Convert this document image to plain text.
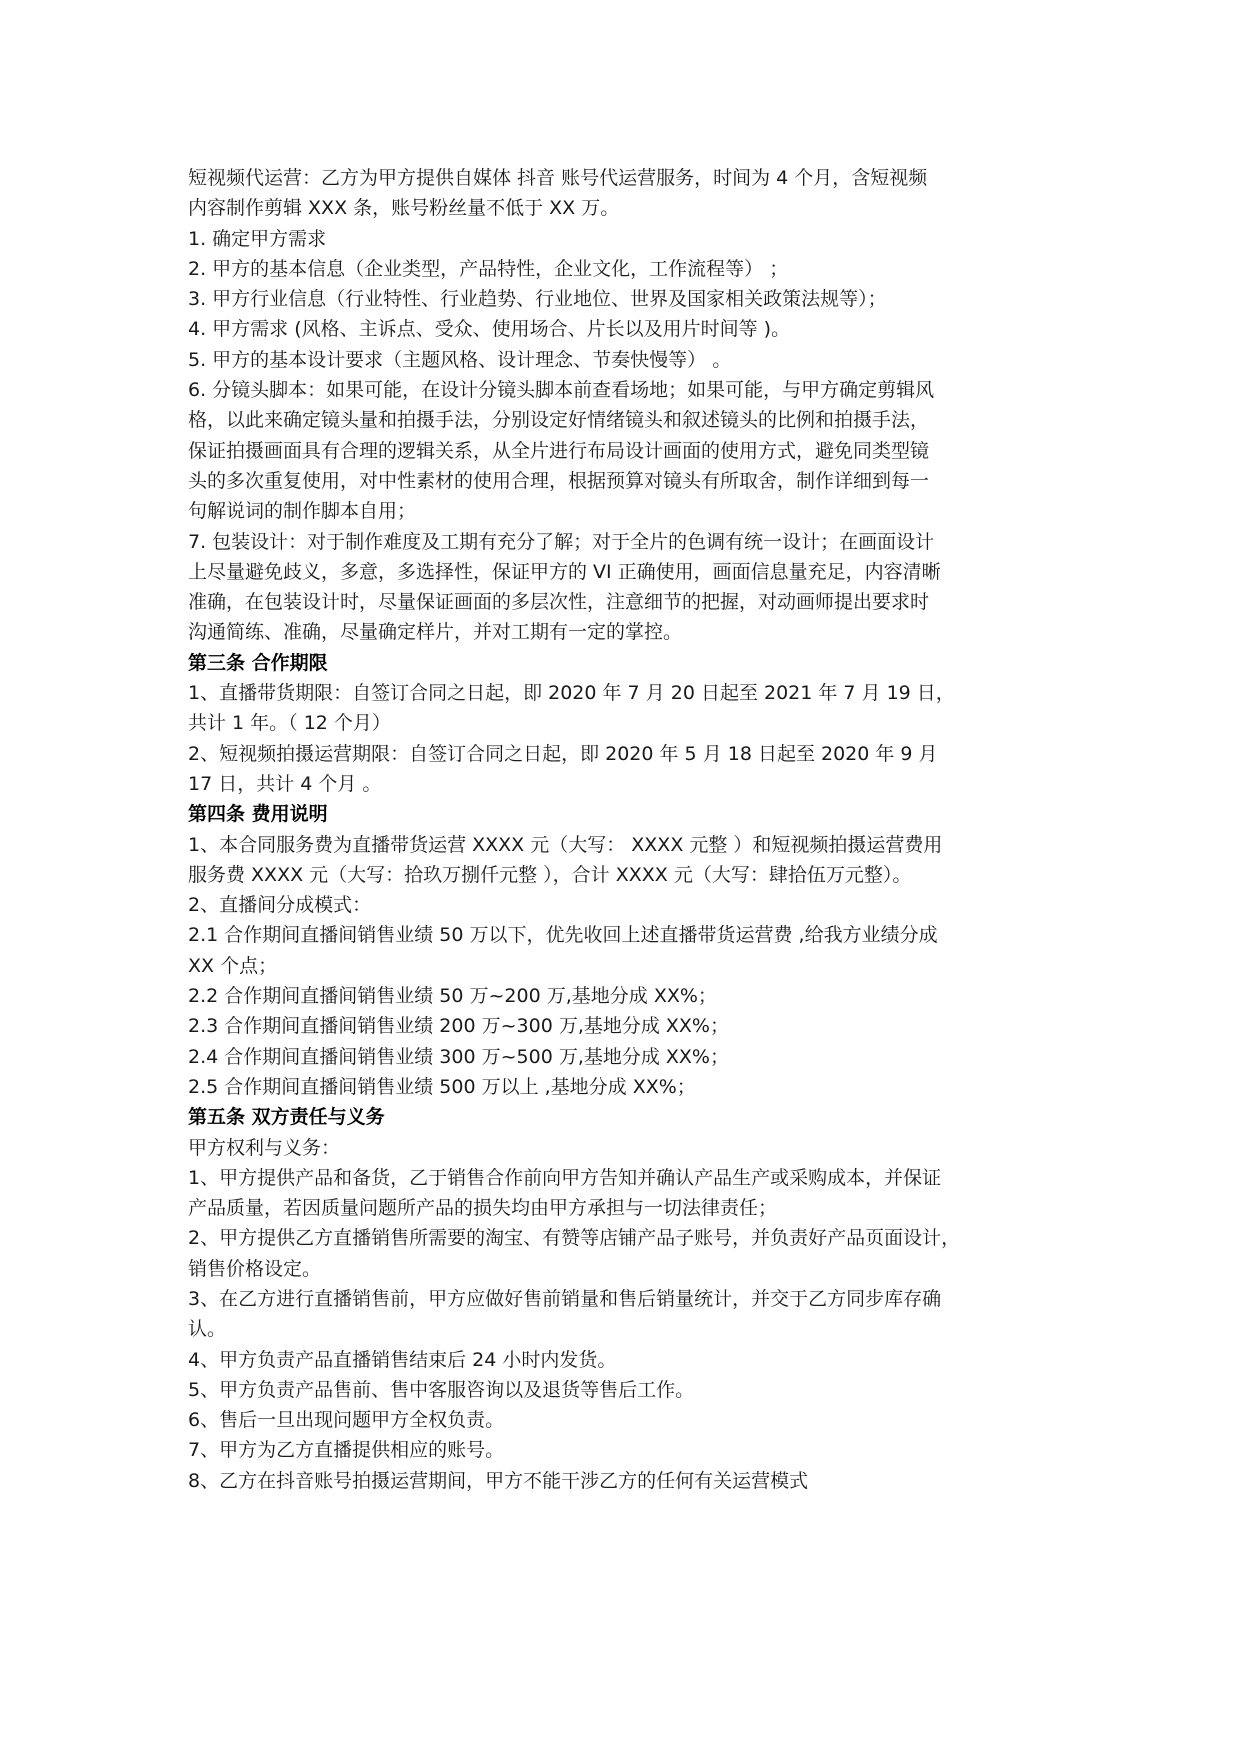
短视频代运营：乙方为甲方提供自媒体 抖音 账号代运营服务，时间为 4 个月，含短视频
内容制作剪辑 XXX 条，账号粉丝量不低于 XX 万。
1. 确定甲方需求
2. 甲方的基本信息（企业类型，产品特性，企业文化，工作流程等） ；
3. 甲方行业信息（行业特性、行业趋势、行业地位、世界及国家相关政策法规等）；
4. 甲方需求 (风格、主诉点、受众、使用场合、片长以及用片时间等 )。
5. 甲方的基本设计要求（主题风格、设计理念、节奏快慢等） 。
6. 分镜头脚本：如果可能，在设计分镜头脚本前查看场地；如果可能，与甲方确定剪辑风
格，以此来确定镜头量和拍摄手法，分别设定好情绪镜头和叙述镜头的比例和拍摄手法，
保证拍摄画面具有合理的逻辑关系，从全片进行布局设计画面的使用方式，避免同类型镜
头的多次重复使用，对中性素材的使用合理，根据预算对镜头有所取舍，制作详细到每一
句解说词的制作脚本自用；
7. 包装设计：对于制作难度及工期有充分了解；对于全片的色调有统一设计；在画面设计
上尽量避免歧义，多意，多选择性，保证甲方的 VI 正确使用，画面信息量充足，内容清晰
准确，在包装设计时，尽量保证画面的多层次性，注意细节的把握，对动画师提出要求时
沟通简练、准确，尽量确定样片，并对工期有一定的掌控。
第三条 合作期限
1、直播带货期限：自签订合同之日起，即 2020 年 7 月 20 日起至 2021 年 7 月 19 日，
共计 1 年。（ 12 个月）
2、短视频拍摄运营期限：自签订合同之日起，即 2020 年 5 月 18 日起至 2020 年 9 月
17 日，共计 4 个月 。
第四条 费用说明
1、本合同服务费为直播带货运营 XXXX 元（大写： XXXX 元整 ）和短视频拍摄运营费用
服务费 XXXX 元（大写：拾玖万捌仟元整 ），合计 XXXX 元（大写：肆拾伍万元整）。
2、直播间分成模式：
2.1 合作期间直播间销售业绩 50 万以下，优先收回上述直播带货运营费 ,给我方业绩分成
XX 个点；
2.2 合作期间直播间销售业绩 50 万~200 万,基地分成 XX%；
2.3 合作期间直播间销售业绩 200 万~300 万,基地分成 XX%；
2.4 合作期间直播间销售业绩 300 万~500 万,基地分成 XX%；
2.5 合作期间直播间销售业绩 500 万以上 ,基地分成 XX%；
第五条 双方责任与义务
甲方权利与义务：
1、甲方提供产品和备货，乙于销售合作前向甲方告知并确认产品生产或采购成本，并保证
产品质量，若因质量问题所产品的损失均由甲方承担与一切法律责任；
2、甲方提供乙方直播销售所需要的淘宝、有赞等店铺产品子账号，并负责好产品页面设计，
销售价格设定。
3、在乙方进行直播销售前，甲方应做好售前销量和售后销量统计，并交于乙方同步库存确
认。
4、甲方负责产品直播销售结束后 24 小时内发货。
5、甲方负责产品售前、售中客服咨询以及退货等售后工作。
6、售后一旦出现问题甲方全权负责。
7、甲方为乙方直播提供相应的账号。
8、乙方在抖音账号拍摄运营期间，甲方不能干涉乙方的任何有关运营模式
